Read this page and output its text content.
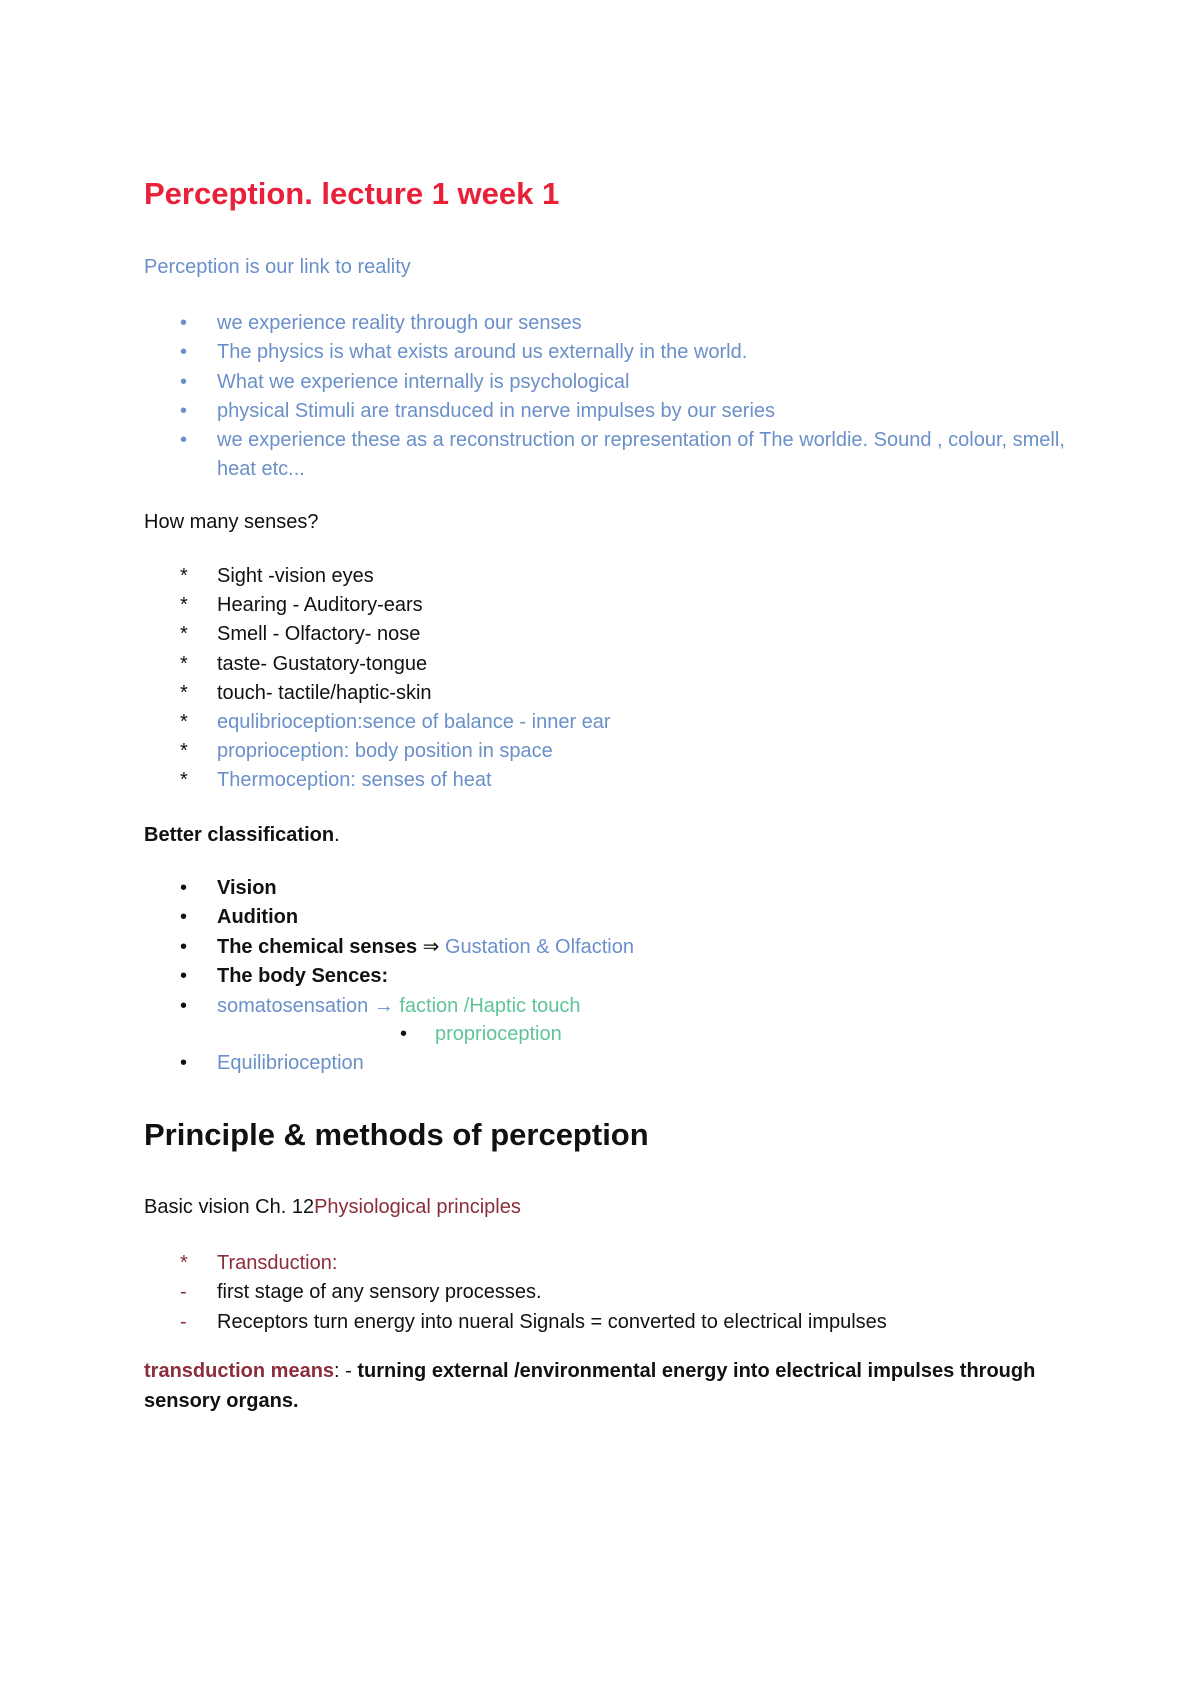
Perception. lecture 1 week 1

Perception is our link to reality

•	we experience reality through our senses
•	The physics is what exists around us externally in the world.
•	What we experience internally is psychological
•	physical Stimuli are transduced in nerve impulses by our series
•	we experience these as a reconstruction or representation of The worldie. Sound , colour, smell, heat etc...

How many senses?

*	Sight -vision eyes
*	Hearing - Auditory-ears
*	Smell - Olfactory- nose
*	taste- Gustatory-tongue
*	touch- tactile/haptic-skin
*	equlibrioception:sence of balance - inner ear
*	proprioception: body position in space
*	Thermoception: senses of heat

Better classification.

•	Vision
•	Audition
•	The chemical senses ⇒ Gustation & Olfaction
•	The body Sences:
•	somatosensation → faction /Haptic touch
• proprioception
•	Equilibrioception
Principle & methods of perception

Basic vision Ch. 12Physiological principles

*	Transduction:
-	first stage of any sensory processes.
-	Receptors turn energy into nueral Signals = converted to electrical impulses

transduction means: - turning external /environmental energy into electrical impulses through sensory organs.
